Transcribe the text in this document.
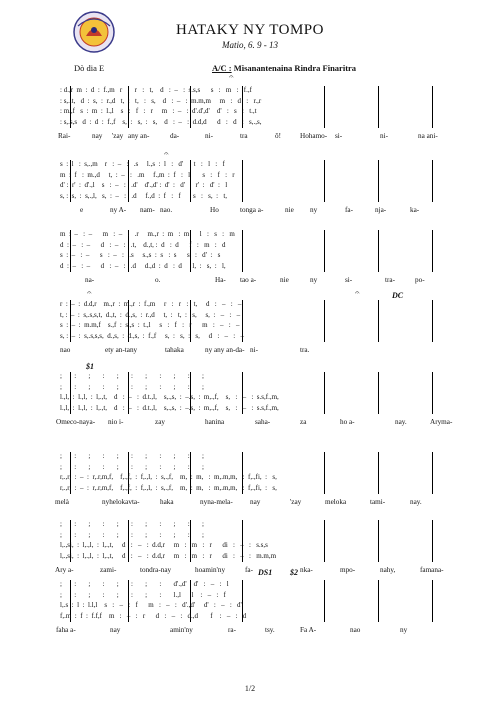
HATAKY NY TOMPO
Matio, 6. 9 - 13
Dò dia E	A/C : Misanantenaina Rindra Finaritra
𝄐
𝄐
𝄐	𝄐	DC
$1
DS1 $2
: d.,r  m  :  d  :  f.,m   r   :   r   :   t,    d   :  –   :  s.s,s      s   :   m   :   f.,f
: s,.,t,   d  :  s,  :  r.,d   t,  :   t,   :   s,    d   :  –   :  m.m,m     m   :   d   :   r.,r
: m.,f   s  :  m  :  l.,l    s   :   f   :   r     m   :  –   :  d'.d',d'    d'   :   s   :   t.,t
: s,.s,s   d  :  d  :  f.,f    s,  :   s,  :   s,    d   :  –   :  d.d,d      d   :   d   :   s,.,s,
Rai-	nay 'zay any an-	da-	ni-	tra	ô!	Hohamo- si-	ni-	na ani-
s  :  l   :  s,.,m    r   :  –   :   .s     l.,s  :  l   :   d'      t   :   l   :   f
m  :  f   :  m.,d     t,  :  –   :   .m     f.,m  :  f   :   l       s   :   f   :   r
d' :  r'  :  d'.,l    s   :  –   :   .d'    d'.,d' :  d'  :   d'      r'  :   d'  :   l
s, :  s,  :  s,.,l,   s,  :  –   :   .d     f.,d  :  f   :   f       s   :   s,  :   t,
e	ny A- nam- nao.	Ho	tonga a-	nie ny	fa-	nja-	ka-
m  :  –   :  –      m   :  –   :   .r     m.,r  :  m   :  m      l   :   s   :   m
d  :  –   :  –      d   :  –   :   .t,    d.,t, :  d   :  d      f   :   m   :   d
s  :  –   :  –      s   :  –   :   .s     s.,s  :  s   :  s      s   :   d'  :   s
d  :  –   :  –      d   :  –   :   .d     d.,d  :  d   :  d      l,  :   s,  :   l,
na-	o.	Ha- tao a-	nie	ny	si-	tra-	po-
r  :  –  :  d.d,r    m.,r  :  m.,r  :  f.,m     r   :   r   :   t,     d   :   –   :   –
t, :  –  :  s,.s,s,t,  d.,t,  :  d.,s,  :  r.,d     t,  :   t,  :   s,     s,  :   –   :   –
s  :  –  :  m.m,f    s.,f  :  s.,s  :  t.,l     s   :   f   :   r      m   :   –   :   –
s, :  –  :  s,.s,s,s,  d.,s,  :  d.,s,  :  f.,f     s,  :   s,  :   s,     d   :   –   :   –
nao	ety an-tany	tahaka	ny any an-da- ni-	tra.
;       :       ;       :       ;       :       ;       :       ;       :       ;
;       :       ;       :       ;       :       ;       :       ;       :       ;
l.,l,  :  l.,l,  :  l,.,t,    d   :  –   :  d.t.,l,    s,.,s,  :  –.s,  :  m,.,f,    s,   :   –   :  s.s,f.,m,
l.,l,  :  l.,l,  :  l,.,t,    d   :  –   :  d.t.,l,    s,.,s,  :  –.s,  :  m,.,f,    s,   :   –   :  s.s,f.,m,
Omeco-naya- nio i-	zay	hanina	saha-	za	ho a-	nay.	Aryma-
;       :       ;       :       ;       :       ;       :       ;       :       ;
;       :       ;       :       ;       :       ;       :       ;       :       ;
r,.,r,  :  –  :  r,.r,m,f,    f,.,f,  :  f,.,l,  :  s,.,f,    m,  :  m,   :  m,.m,m,   :  f,.,fi,  :   s,
r,.,r,  :  –  :  r,.r,m,f,    f,.,f,  :  f,.,l,  :  s,.,f,    m,  :  m,   :  m,.m,m,   :  f,.,fi,  :   s,
melà	nyhelokavta-	haka	nyna-mela- nay	'zay	meloka	tami-	nay.
;       :       ;       :       ;       :       ;       :       ;       :       ;
;       :       ;       :       ;       :       ;       :       ;       :       ;
l,.,si,  :  l,.,l,  :  l,.,t,     d   :   –   :  d.d,r     m   :   m   :   r      di   :   –   :   s.s,s
l,.,si,  :  l,.,l,  :  l,.,t,     d   :   –   :  d.d,r     m   :   m   :   r      di   :   –   :   m.m,m
Ary a-	zami-	tondra-nay	hoamin'ny	fa-	nka-	mpo-	nahy,	famana-
;       :       ;       :       ;       :       ;       :       d'.,d'    d'   :   –   :   l
;       :       ;       :       ;       :       ;       :       l.,l      l    :   –   :   f
l,.s  :  l  :  l.l,l    s   :   –   :   f      m   :   –   :   d'.,d'     d'   :   –   :   d'
f,.m  :  f  :  f.f,f    m   :   –   :   r      d   :   –   :   d.,d       f    :   –   :   d
faha a-	nay	amin'ny	ra-	tsy.	Fa A-	nao	ny
1/2
